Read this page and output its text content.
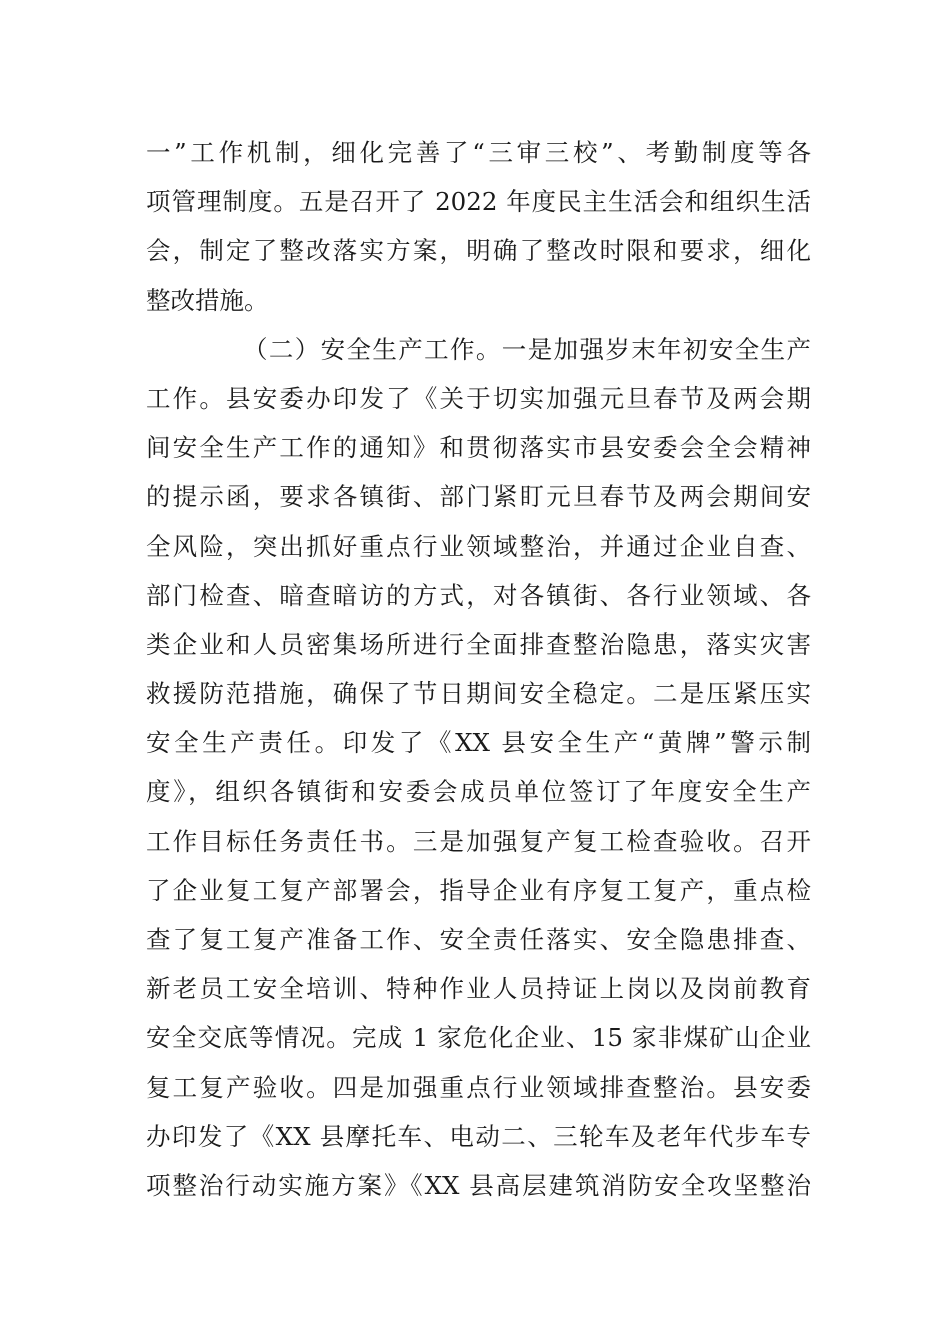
一”工作机制，细化完善了“三审三校”、考勤制度等各
项管理制度。五是召开了 2022 年度民主生活会和组织生活
会，制定了整改落实方案，明确了整改时限和要求，细化
整改措施。
（二）安全生产工作。一是加强岁末年初安全生产
工作。县安委办印发了《关于切实加强元旦春节及两会期
间安全生产工作的通知》和贯彻落实市县安委会全会精神
的提示函，要求各镇街、部门紧盯元旦春节及两会期间安
全风险，突出抓好重点行业领域整治，并通过企业自查、
部门检查、暗查暗访的方式，对各镇街、各行业领域、各
类企业和人员密集场所进行全面排查整治隐患，落实灾害
救援防范措施，确保了节日期间安全稳定。二是压紧压实
安全生产责任。印发了《XX 县安全生产“黄牌”警示制
度》，组织各镇街和安委会成员单位签订了年度安全生产
工作目标任务责任书。三是加强复产复工检查验收。召开
了企业复工复产部署会，指导企业有序复工复产，重点检
查了复工复产准备工作、安全责任落实、安全隐患排查、
新老员工安全培训、特种作业人员持证上岗以及岗前教育
安全交底等情况。完成 1 家危化企业、15 家非煤矿山企业
复工复产验收。四是加强重点行业领域排查整治。县安委
办印发了《XX 县摩托车、电动二、三轮车及老年代步车专
项整治行动实施方案》《XX 县高层建筑消防安全攻坚整治
